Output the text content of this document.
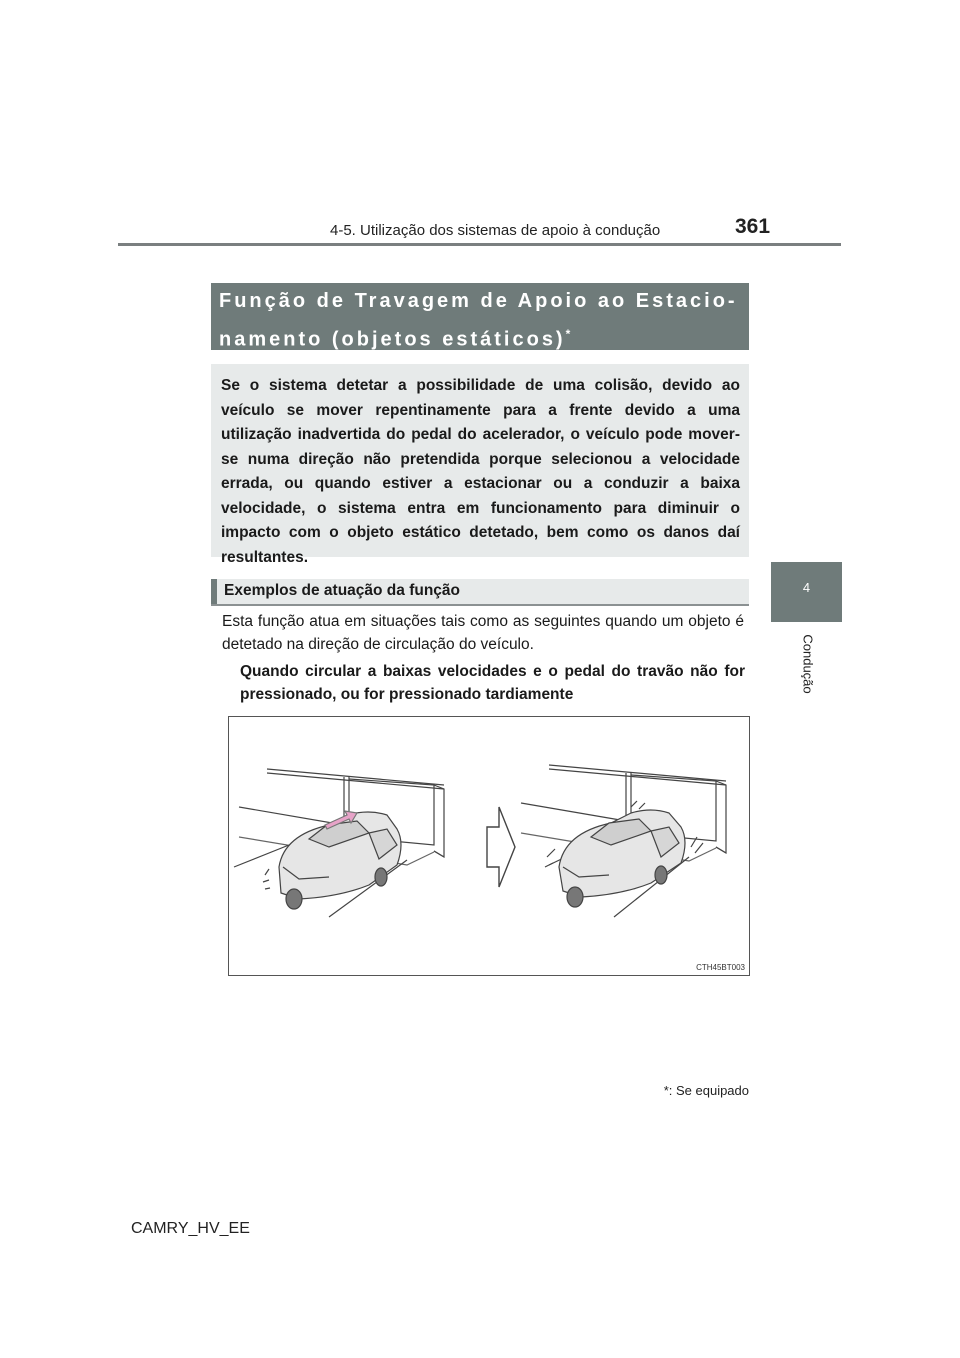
4-5. Utilização dos sistemas de apoio à condução	361
4
Condução
Função de Travagem de Apoio ao Estacio-
namento (objetos estáticos)*
Se o sistema detetar a possibilidade de uma colisão, devido ao veículo se mover repentinamente para a frente devido a uma utilização inadvertida do pedal do acelerador, o veículo pode mover-se numa direção não pretendida porque selecionou a velocidade errada, ou quando estiver a estacionar ou a conduzir a baixa velocidade, o sistema entra em funcionamento para diminuir o impacto com o objeto estático detetado, bem como os danos daí resultantes.
Exemplos de atuação da função
Esta função atua em situações tais como as seguintes quando um objeto é detetado na direção de circulação do veículo.
Quando circular a baixas velocidades e o pedal do travão não for pressionado, ou for pressionado tardiamente
CTH45BT003
*: Se equipado
CAMRY_HV_EE
